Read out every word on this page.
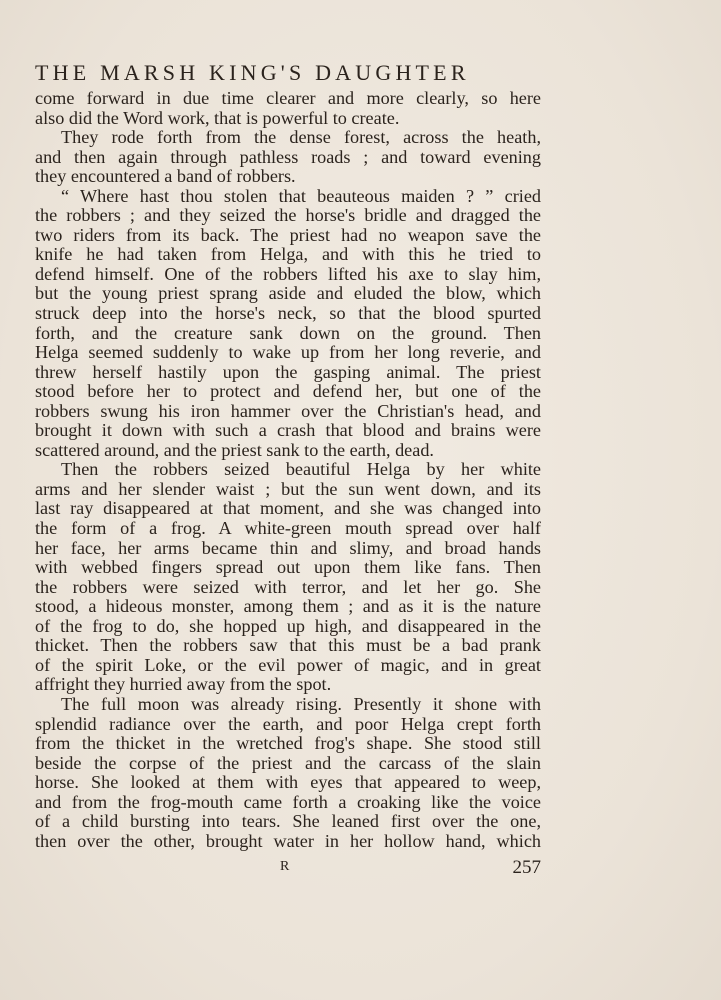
THE MARSH KING'S DAUGHTER

come forward in due time clearer and more clearly, so here

also did the Word work, that is powerful to create.

They rode forth from the dense forest, across the heath,

and then again through pathless roads ; and toward evening

they encountered a band of robbers.

“ Where hast thou stolen that beauteous maiden ? ” cried

the robbers ; and they seized the horse's bridle and dragged the

two riders from its back. The priest had no weapon save the

knife he had taken from Helga, and with this he tried to

defend himself. One of the robbers lifted his axe to slay him,

but the young priest sprang aside and eluded the blow, which

struck deep into the horse's neck, so that the blood spurted

forth, and the creature sank down on the ground. Then

Helga seemed suddenly to wake up from her long reverie, and

threw herself hastily upon the gasping animal. The priest

stood before her to protect and defend her, but one of the

robbers swung his iron hammer over the Christian's head, and

brought it down with such a crash that blood and brains were

scattered around, and the priest sank to the earth, dead.

Then the robbers seized beautiful Helga by her white

arms and her slender waist ; but the sun went down, and its

last ray disappeared at that moment, and she was changed into

the form of a frog. A white-green mouth spread over half

her face, her arms became thin and slimy, and broad hands

with webbed fingers spread out upon them like fans. Then

the robbers were seized with terror, and let her go. She

stood, a hideous monster, among them ; and as it is the nature

of the frog to do, she hopped up high, and disappeared in the

thicket. Then the robbers saw that this must be a bad prank

of the spirit Loke, or the evil power of magic, and in great

affright they hurried away from the spot.

The full moon was already rising. Presently it shone with

splendid radiance over the earth, and poor Helga crept forth

from the thicket in the wretched frog's shape. She stood still

beside the corpse of the priest and the carcass of the slain

horse. She looked at them with eyes that appeared to weep,

and from the frog-mouth came forth a croaking like the voice

of a child bursting into tears. She leaned first over the one,

then over the other, brought water in her hollow hand, which

R	257
